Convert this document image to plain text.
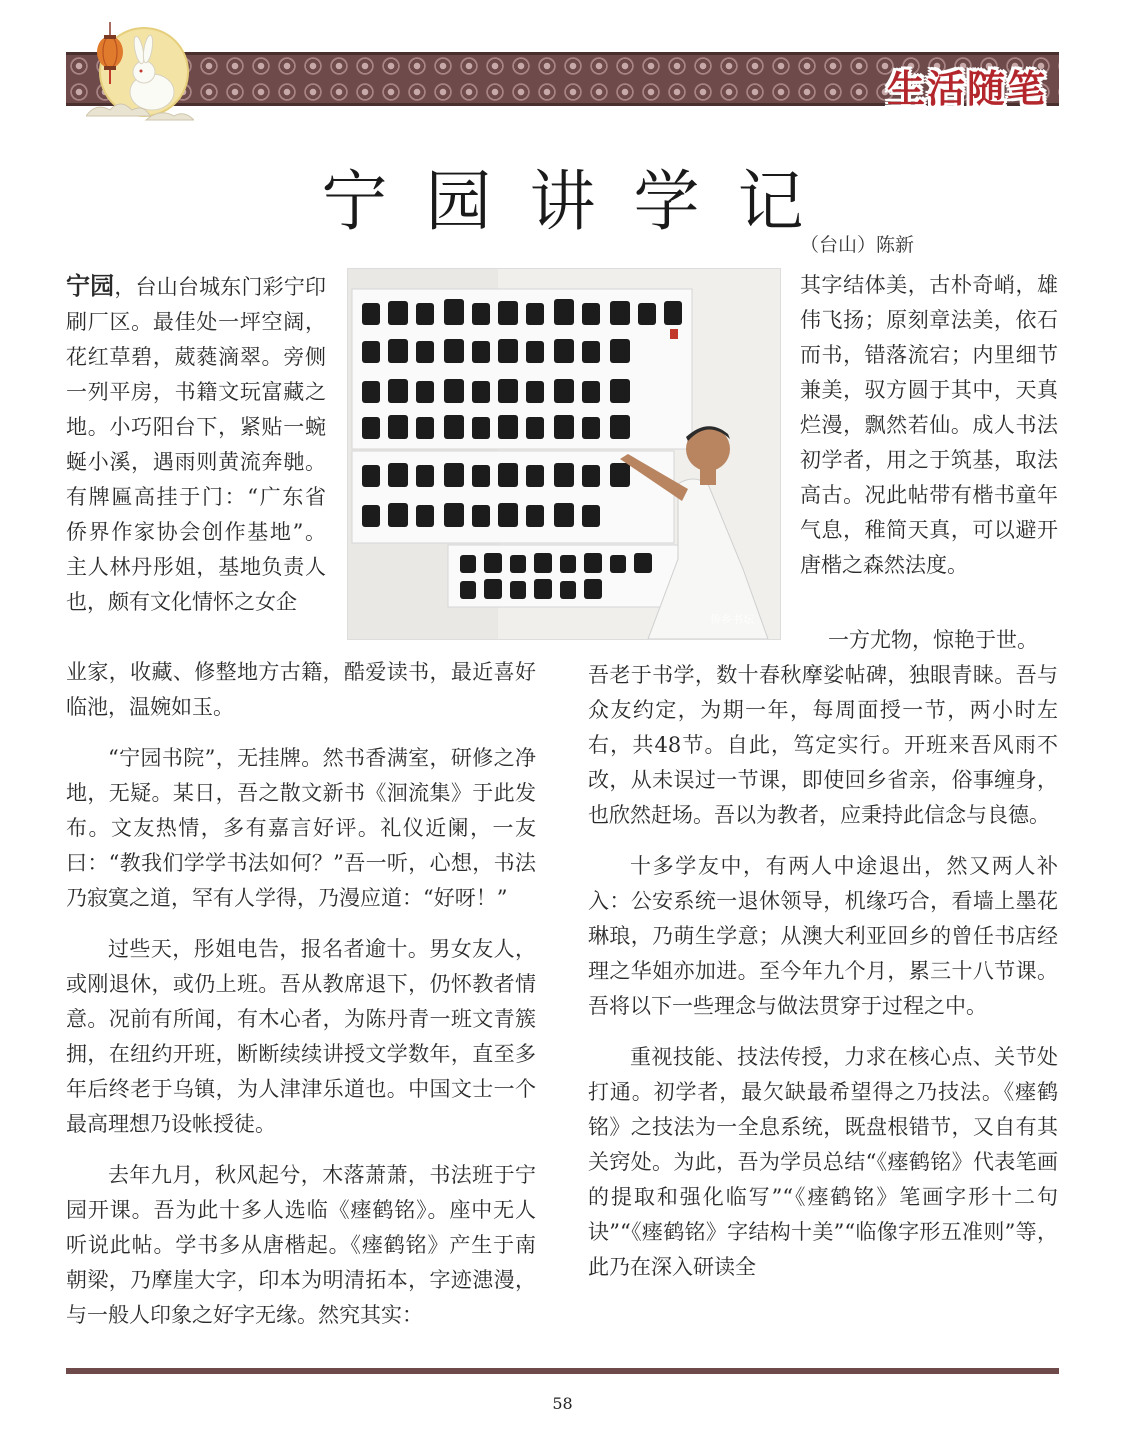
生活随笔
宁园讲学记
（台山）陈新

宁园，台山台城东门彩宁印刷厂区。最佳处一坪空阔，花红草碧，葳蕤滴翠。旁侧一列平房，书籍文玩富藏之地。小巧阳台下，紧贴一蜿蜒小溪，遇雨则黄流奔毑。有牌匾高挂于门：“广东省侨界作家协会创作基地”。主人林丹彤姐，基地负责人也，颇有文化情怀之女企

业家，收藏、修整地方古籍，酷爱读书，最近喜好临池，温婉如玉。

“宁园书院”，无挂牌。然书香满室，研修之净地，无疑。某日，吾之散文新书《洄流集》于此发布。文友热情，多有嘉言好评。礼仪近阑，一友曰：“教我们学学书法如何？”吾一听，心想，书法乃寂寞之道，罕有人学得，乃漫应道：“好呀！”

过些天，彤姐电告，报名者逾十。男女友人，或刚退休，或仍上班。吾从教席退下，仍怀教者情意。况前有所闻，有木心者，为陈丹青一班文青簇拥，在纽约开班，断断续续讲授文学数年，直至多年后终老于乌镇，为人津津乐道也。中国文士一个最高理想乃设帐授徒。

去年九月，秋风起兮，木落萧萧，书法班于宁园开课。吾为此十多人选临《瘗鹤铭》。座中无人听说此帖。学书多从唐楷起。《瘗鹤铭》产生于南朝梁，乃摩崖大字，印本为明清拓本，字迹漶漫，与一般人印象之好字无缘。然究其实：

侨乡书坛

其字结体美，古朴奇峭，雄伟飞扬；原刻章法美，依石而书，错落流宕；内里细节兼美，驭方圆于其中，天真烂漫，飘然若仙。成人书法初学者，用之于筑基，取法高古。况此帖带有楷书童年气息，稚简天真，可以避开唐楷之森然法度。

一方尤物，惊艳于世。

吾老于书学，数十春秋摩娑帖碑，独眼青睐。吾与众友约定，为期一年，每周面授一节，两小时左右，共48节。自此，笃定实行。开班来吾风雨不改，从未误过一节课，即使回乡省亲，俗事缠身，也欣然赶场。吾以为教者，应秉持此信念与良德。

十多学友中，有两人中途退出，然又两人补入：公安系统一退休领导，机缘巧合，看墙上墨花琳琅，乃萌生学意；从澳大利亚回乡的曾任书店经理之华姐亦加进。至今年九个月，累三十八节课。吾将以下一些理念与做法贯穿于过程之中。

重视技能、技法传授，力求在核心点、关节处打通。初学者，最欠缺最希望得之乃技法。《瘗鹤铭》之技法为一全息系统，既盘根错节，又自有其关窍处。为此，吾为学员总结“《瘗鹤铭》代表笔画的提取和强化临写”“《瘗鹤铭》笔画字形十二句诀”“《瘗鹤铭》字结构十美”“临像字形五准则”等，此乃在深入研读全

58
